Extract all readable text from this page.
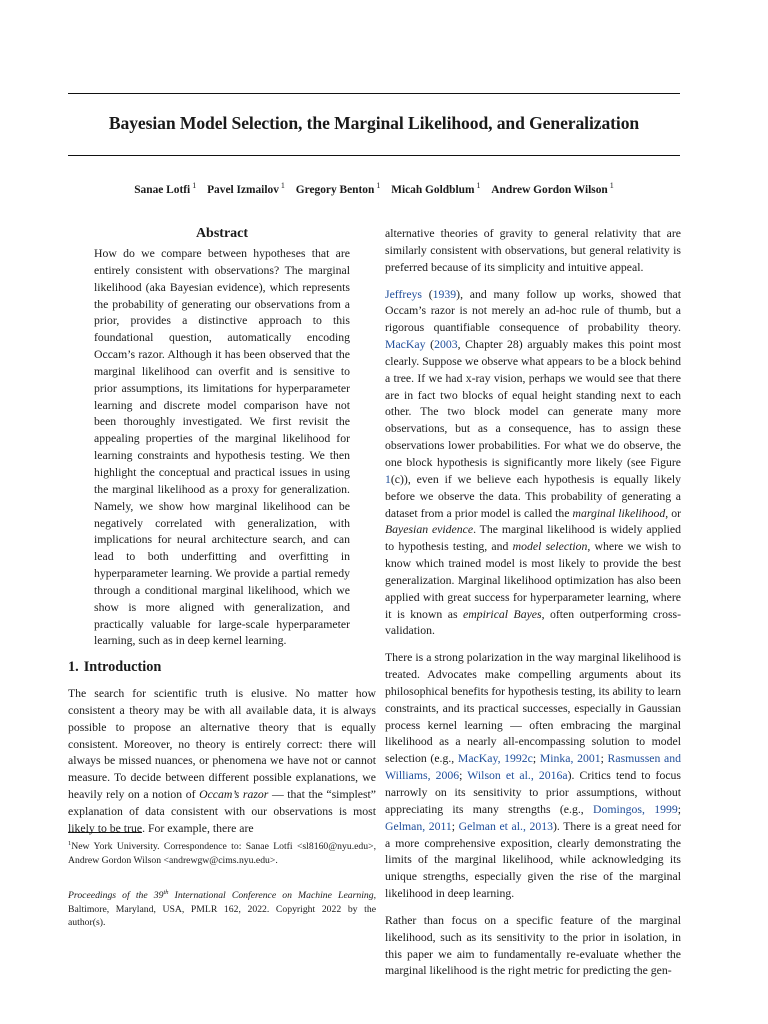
Bayesian Model Selection, the Marginal Likelihood, and Generalization
Sanae Lotfi $^1$ Pavel Izmailov $^1$ Gregory Benton $^1$ Micah Goldblum $^1$ Andrew Gordon Wilson $^1$
Abstract

How do we compare between hypotheses that are entirely consistent with observations? The marginal likelihood (aka Bayesian evidence), which represents the probability of generating our observations from a prior, provides a distinctive approach to this foundational question, automatically encoding Occam’s razor. Although it has been observed that the marginal likelihood can overfit and is sensitive to prior assumptions, its limitations for hyperparameter learning and discrete model comparison have not been thoroughly investigated. We first revisit the appealing properties of the marginal likelihood for learning constraints and hypothesis testing. We then highlight the conceptual and practical issues in using the marginal likelihood as a proxy for generalization. Namely, we show how marginal likelihood can be negatively correlated with generalization, with implications for neural architecture search, and can lead to both underfitting and overfitting in hyperparameter learning. We provide a partial remedy through a conditional marginal likelihood, which we show is more aligned with generalization, and practically valuable for large-scale hyperparameter learning, such as in deep kernel learning.

1. Introduction

The search for scientific truth is elusive. No matter how consistent a theory may be with all available data, it is always possible to propose an alternative theory that is equally consistent. Moreover, no theory is entirely correct: there will always be missed nuances, or phenomena we have not or cannot measure. To decide between different possible explanations, we heavily rely on a notion of Occam’s razor — that the “simplest” explanation of data consistent with our observations is most likely to be true. For example, there are

$^1$New York University. Correspondence to: Sanae Lotfi <sl8160@nyu.edu>, Andrew Gordon Wilson <andrewgw@cims.nyu.edu>.

Proceedings of the 39th International Conference on Machine Learning, Baltimore, Maryland, USA, PMLR 162, 2022. Copyright 2022 by the author(s).

alternative theories of gravity to general relativity that are similarly consistent with observations, but general relativity is preferred because of its simplicity and intuitive appeal.

Jeffreys (1939), and many follow up works, showed that Occam’s razor is not merely an ad-hoc rule of thumb, but a rigorous quantifiable consequence of probability theory. MacKay (2003, Chapter 28) arguably makes this point most clearly. Suppose we observe what appears to be a block behind a tree. If we had x-ray vision, perhaps we would see that there are in fact two blocks of equal height standing next to each other. The two block model can generate many more observations, but as a consequence, has to assign these observations lower probabilities. For what we do observe, the one block hypothesis is significantly more likely (see Figure 1(c)), even if we believe each hypothesis is equally likely before we observe the data. This probability of generating a dataset from a prior model is called the marginal likelihood, or Bayesian evidence. The marginal likelihood is widely applied to hypothesis testing, and model selection, where we wish to know which trained model is most likely to provide the best generalization. Marginal likelihood optimization has also been applied with great success for hyperparameter learning, where it is known as empirical Bayes, often outperforming cross-validation.

There is a strong polarization in the way marginal likelihood is treated. Advocates make compelling arguments about its philosophical benefits for hypothesis testing, its ability to learn constraints, and its practical successes, especially in Gaussian process kernel learning — often embracing the marginal likelihood as a nearly all-encompassing solution to model selection (e.g., MacKay, 1992c; Minka, 2001; Rasmussen and Williams, 2006; Wilson et al., 2016a). Critics tend to focus narrowly on its sensitivity to prior assumptions, without appreciating its many strengths (e.g., Domingos, 1999; Gelman, 2011; Gelman et al., 2013). There is a great need for a more comprehensive exposition, clearly demonstrating the limits of the marginal likelihood, while acknowledging its unique strengths, especially given the rise of the marginal likelihood in deep learning.

Rather than focus on a specific feature of the marginal likelihood, such as its sensitivity to the prior in isolation, in this paper we aim to fundamentally re-evaluate whether the marginal likelihood is the right metric for predicting the gen-
